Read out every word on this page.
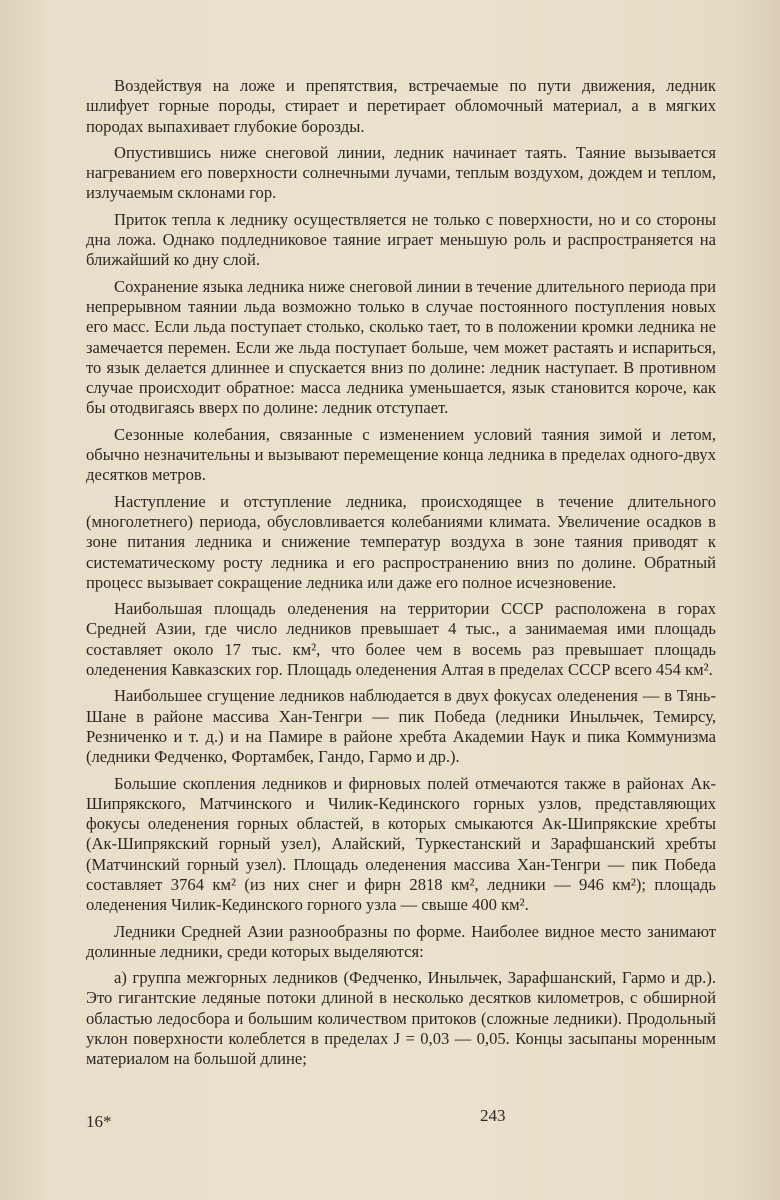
Воздействуя на ложе и препятствия, встречаемые по пути движения, ледник шлифует горные породы, стирает и перетирает обломочный материал, а в мягких породах выпахивает глубокие борозды.

Опустившись ниже снеговой линии, ледник начинает таять. Таяние вызывается нагреванием его поверхности солнечными лучами, теплым воздухом, дождем и теплом, излучаемым склонами гор.

Приток тепла к леднику осуществляется не только с поверхности, но и со стороны дна ложа. Однако подледниковое таяние играет меньшую роль и распространяется на ближайший ко дну слой.

Сохранение языка ледника ниже снеговой линии в течение длительного периода при непрерывном таянии льда возможно только в случае постоянного поступления новых его масс. Если льда поступает столько, сколько тает, то в положении кромки ледника не замечается перемен. Если же льда поступает больше, чем может растаять и испариться, то язык делается длиннее и спускается вниз по долине: ледник наступает. В противном случае происходит обратное: масса ледника уменьшается, язык становится короче, как бы отодвигаясь вверх по долине: ледник отступает.

Сезонные колебания, связанные с изменением условий таяния зимой и летом, обычно незначительны и вызывают перемещение конца ледника в пределах одного-двух десятков метров.

Наступление и отступление ледника, происходящее в течение длительного (многолетнего) периода, обусловливается колебаниями климата. Увеличение осадков в зоне питания ледника и снижение температур воздуха в зоне таяния приводят к систематическому росту ледника и его распространению вниз по долине. Обратный процесс вызывает сокращение ледника или даже его полное исчезновение.

Наибольшая площадь оледенения на территории СССР расположена в горах Средней Азии, где число ледников превышает 4 тыс., а занимаемая ими площадь составляет около 17 тыс. км², что более чем в восемь раз превышает площадь оледенения Кавказских гор. Площадь оледенения Алтая в пределах СССР всего 454 км².

Наибольшее сгущение ледников наблюдается в двух фокусах оледенения — в Тянь-Шане в районе массива Хан-Тенгри — пик Победа (ледники Иныльчек, Темирсу, Резниченко и т. д.) и на Памире в районе хребта Академии Наук и пика Коммунизма (ледники Федченко, Фортамбек, Гандо, Гармо и др.).

Большие скопления ледников и фирновых полей отмечаются также в районах Ак-Шипрякского, Матчинского и Чилик-Кединского горных узлов, представляющих фокусы оледенения горных областей, в которых смыкаются Ак-Шипрякские хребты (Ак-Шипрякский горный узел), Алайский, Туркестанский и Зарафшанский хребты (Матчинский горный узел). Площадь оледенения массива Хан-Тенгри — пик Победа составляет 3764 км² (из них снег и фирн 2818 км², ледники — 946 км²); площадь оледенения Чилик-Кединского горного узла — свыше 400 км².

Ледники Средней Азии разнообразны по форме. Наиболее видное место занимают долинные ледники, среди которых выделяются:

а) группа межгорных ледников (Федченко, Иныльчек, Зарафшанский, Гармо и др.). Это гигантские ледяные потоки длиной в несколько десятков километров, с обширной областью ледосбора и большим количеством притоков (сложные ледники). Продольный уклон поверхности колеблется в пределах J = 0,03 — 0,05. Концы засыпаны моренным материалом на большой длине;

16*	243
